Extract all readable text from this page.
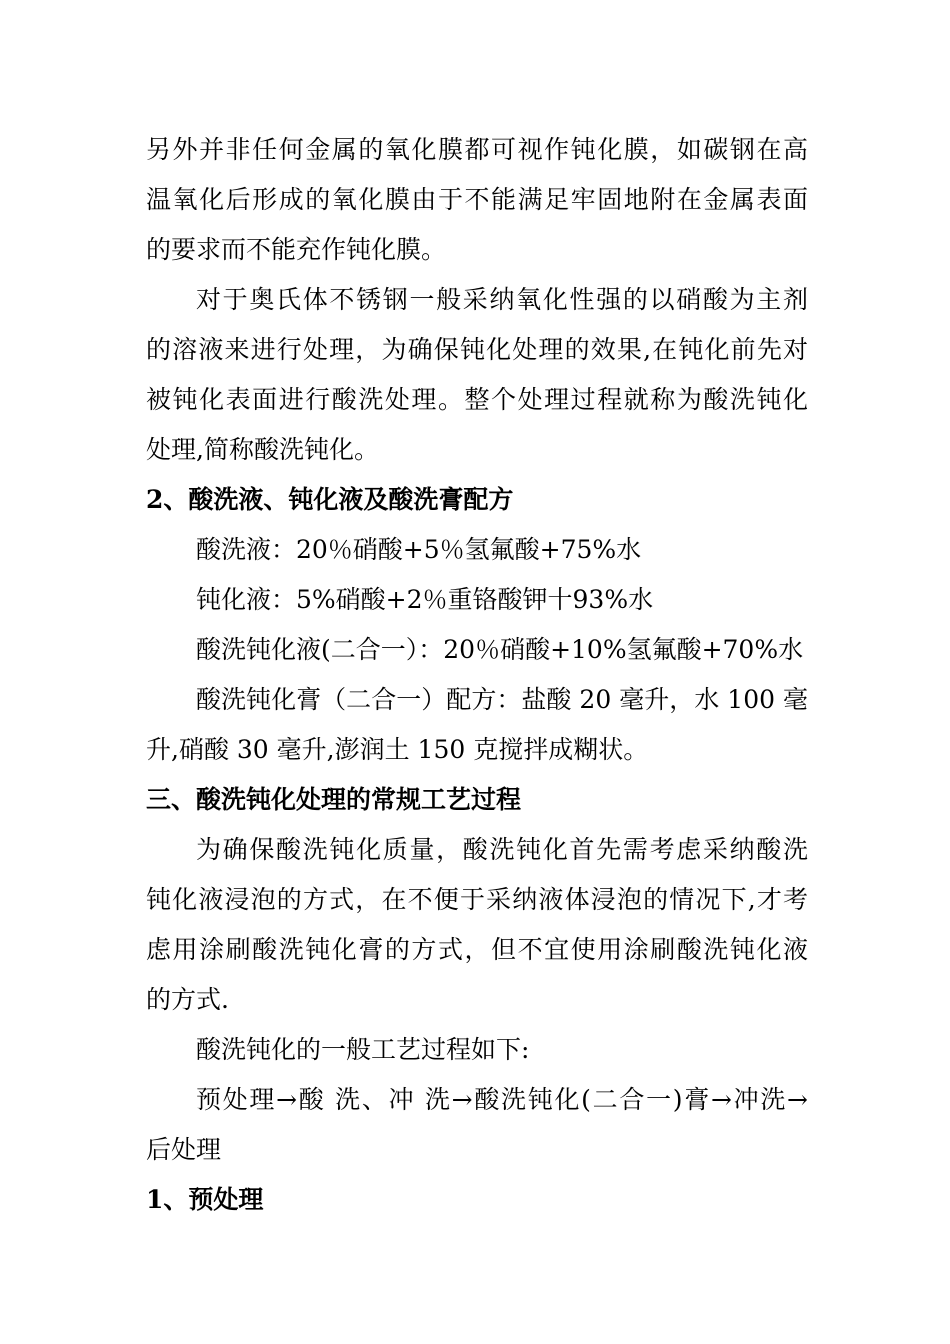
另外并非任何金属的氧化膜都可视作钝化膜，如碳钢在高
温氧化后形成的氧化膜由于不能满足牢固地附在金属表面
的要求而不能充作钝化膜。
对于奥氏体不锈钢一般采纳氧化性强的以硝酸为主剂
的溶液来进行处理，为确保钝化处理的效果,在钝化前先对
被钝化表面进行酸洗处理。整个处理过程就称为酸洗钝化
处理,简称酸洗钝化。
2、酸洗液、钝化液及酸洗膏配方
酸洗液：20％硝酸+5％氢氟酸+75%水
钝化液：5%硝酸+2％重铬酸钾十93%水
酸洗钝化液(二合一）：20％硝酸+10%氢氟酸+70%水
酸洗钝化膏（二合一）配方：盐酸 20 毫升，水 100 毫
升,硝酸 30 毫升,澎润土 150 克搅拌成糊状。
三、酸洗钝化处理的常规工艺过程
为确保酸洗钝化质量，酸洗钝化首先需考虑采纳酸洗
钝化液浸泡的方式，在不便于采纳液体浸泡的情况下,才考
虑用涂刷酸洗钝化膏的方式，但不宜使用涂刷酸洗钝化液
的方式.
酸洗钝化的一般工艺过程如下:
预处理→酸 洗、冲 洗→酸洗钝化(二合一)膏→冲洗→
后处理
1、预处理
